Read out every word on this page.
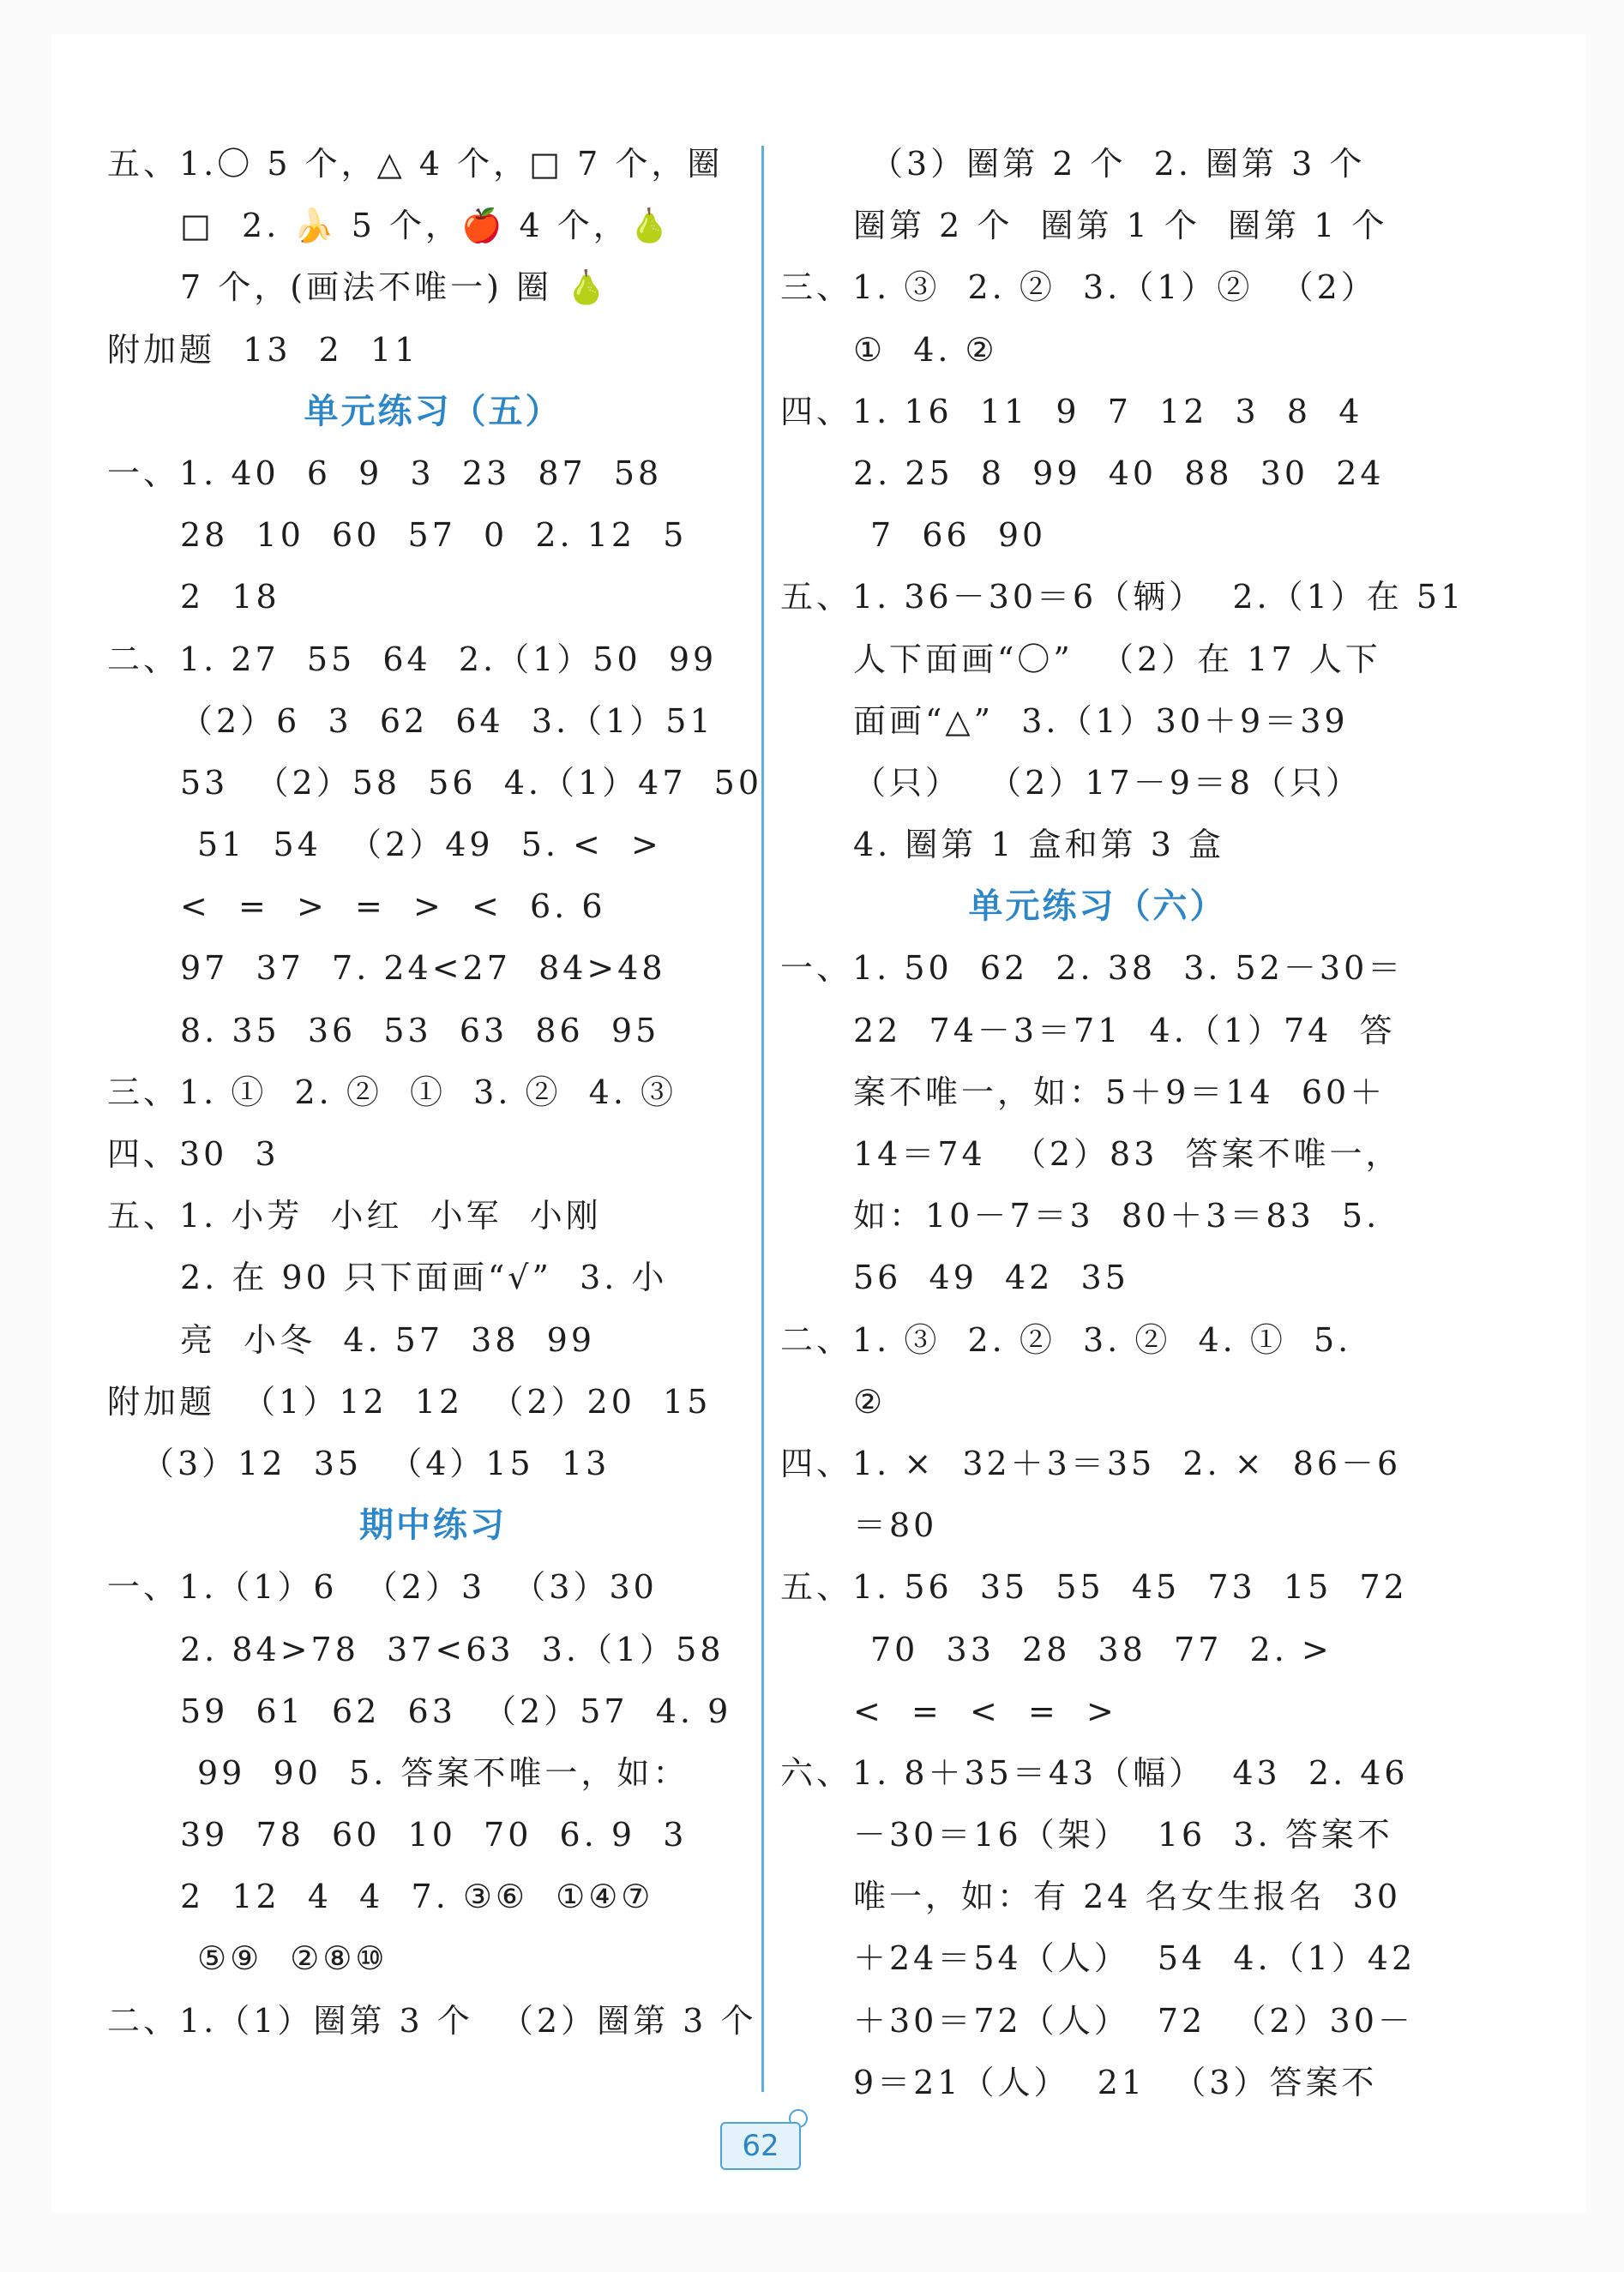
五、1.〇 5 个，△ 4 个，□ 7 个，圈
□  2. 🍌 5 个，🍎 4 个，🍐
7 个，(画法不唯一) 圈 🍐
附加题  13  2  11
单元练习（五）
一、1. 40  6  9  3  23  87  58
28  10  60  57  0  2. 12  5
2  18
二、1. 27  55  64  2.（1）50  99
（2）6  3  62  64  3.（1）51
53  （2）58  56  4.（1）47  50
51  54  （2）49  5. <  >
<  =  >  =  >  <  6. 6
97  37  7. 24<27  84>48
8. 35  36  53  63  86  95
三、1. ①  2. ②  ①  3. ②  4. ③
四、30  3
五、1. 小芳  小红  小军  小刚
2. 在 90 只下面画“√”  3. 小
亮  小冬  4. 57  38  99
附加题  （1）12  12  （2）20  15
（3）12  35  （4）15  13
期中练习
一、1.（1）6  （2）3  （3）30
2. 84>78  37<63  3.（1）58
59  61  62  63  （2）57  4. 9
99  90  5. 答案不唯一，如：
39  78  60  10  70  6. 9  3
2  12  4  4  7. ③⑥  ①④⑦
⑤⑨  ②⑧⑩
二、1.（1）圈第 3 个  （2）圈第 3 个
（3）圈第 2 个  2. 圈第 3 个
圈第 2 个  圈第 1 个  圈第 1 个
三、1. ③  2. ②  3.（1）②  （2）
①  4. ②
四、1. 16  11  9  7  12  3  8  4
2. 25  8  99  40  88  30  24
7  66  90
五、1. 36－30＝6（辆）  2.（1）在 51
人下面画“〇”  （2）在 17 人下
面画“△”  3.（1）30＋9＝39
（只）  （2）17－9＝8（只）
4. 圈第 1 盒和第 3 盒
单元练习（六）
一、1. 50  62  2. 38  3. 52－30＝
22  74－3＝71  4.（1）74  答
案不唯一，如：5＋9＝14  60＋
14＝74  （2）83  答案不唯一，
如：10－7＝3  80＋3＝83  5.
56  49  42  35
二、1. ③  2. ②  3. ②  4. ①  5.
②
四、1. ×  32＋3＝35  2. ×  86－6
＝80
五、1. 56  35  55  45  73  15  72
70  33  28  38  77  2. >
<  =  <  =  >
六、1. 8＋35＝43（幅）  43  2. 46
－30＝16（架）  16  3. 答案不
唯一，如：有 24 名女生报名  30
＋24＝54（人）  54  4.（1）42
＋30＝72（人）  72  （2）30－
9＝21（人）  21  （3）答案不
62
